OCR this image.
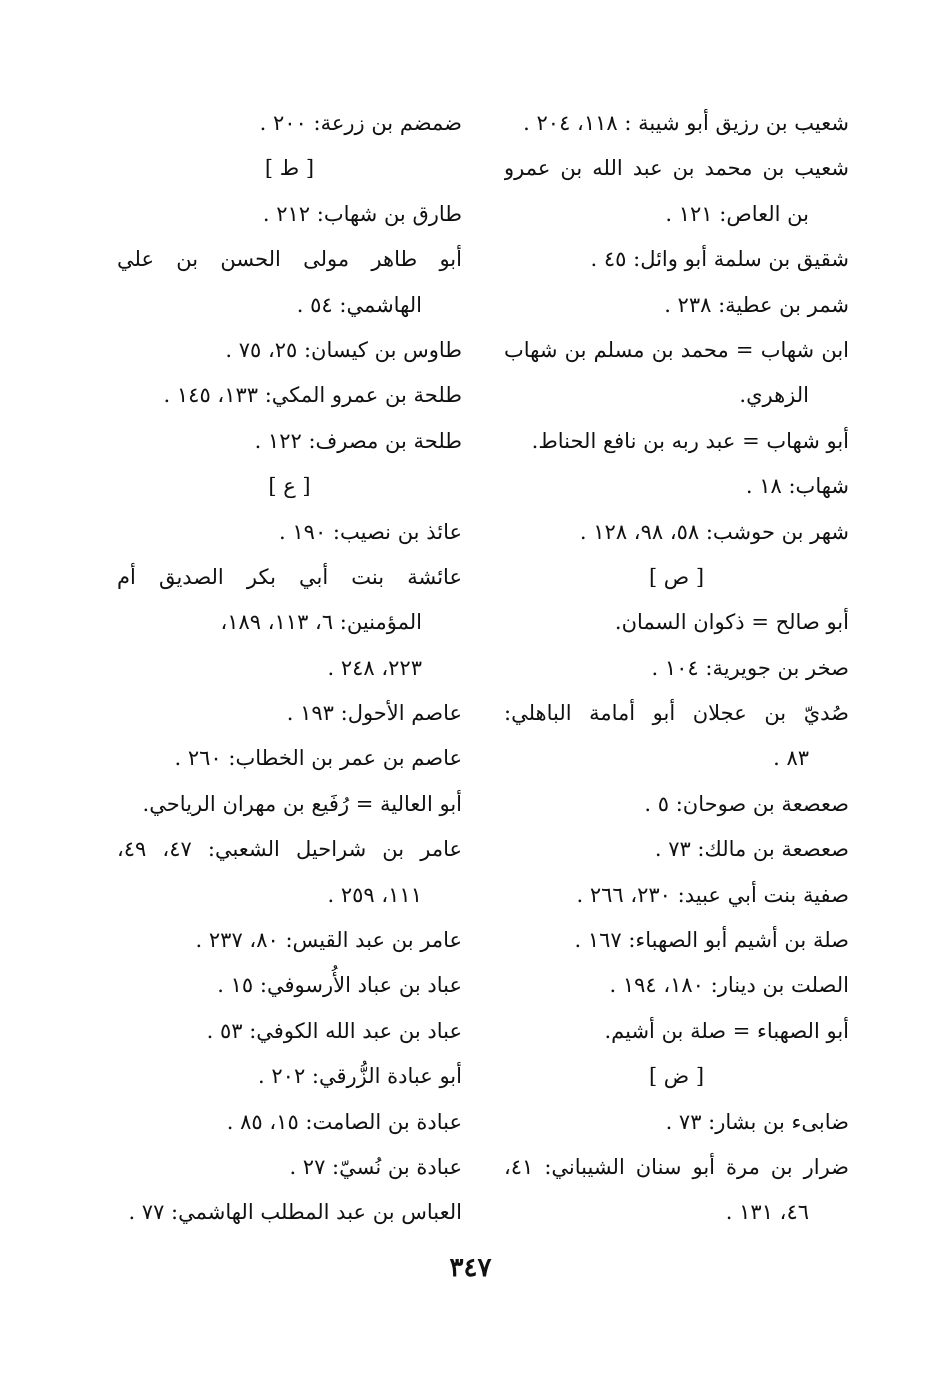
شعيب بن رزيق أبو شيبة : ١١٨، ٢٠٤ .
شعيب بن محمد بن عبد الله بن عمرو
بن العاص: ١٢١ .
شقيق بن سلمة أبو وائل: ٤٥ .
شمر بن عطية: ٢٣٨ .
ابن شهاب = محمد بن مسلم بن شهاب
الزهري.
أبو شهاب = عبد ربه بن نافع الحناط.
شهاب: ١٨ .
شهر بن حوشب: ٥٨، ٩٨، ١٢٨ .
[ ص ]
أبو صالح = ذكوان السمان.
صخر بن جويرية: ١٠٤ .
صُديّ بن عجلان أبو أمامة الباهلي:
٨٣ .
صعصعة بن صوحان: ٥ .
صعصعة بن مالك: ٧٣ .
صفية بنت أبي عبيد: ٢٣٠، ٢٦٦ .
صلة بن أشيم أبو الصهباء: ١٦٧ .
الصلت بن دينار: ١٨٠، ١٩٤ .
أبو الصهباء = صلة بن أشيم.
[ ض ]
ضابىء بن بشار: ٧٣ .
ضرار بن مرة أبو سنان الشيباني: ٤١،
٤٦، ١٣١ .
ضمضم بن زرعة: ٢٠٠ .
[ ط ]
طارق بن شهاب: ٢١٢ .
أبو طاهر مولى الحسن بن علي
الهاشمي: ٥٤ .
طاوس بن كيسان: ٢٥، ٧٥ .
طلحة بن عمرو المكي: ١٣٣، ١٤٥ .
طلحة بن مصرف: ١٢٢ .
[ ع ]
عائذ بن نصيب: ١٩٠ .
عائشة بنت أبي بكر الصديق أم
المؤمنين: ٦، ١١٣، ١٨٩،
٢٢٣، ٢٤٨ .
عاصم الأحول: ١٩٣ .
عاصم بن عمر بن الخطاب: ٢٦٠ .
أبو العالية = رُفَيع بن مهران الرياحي.
عامر بن شراحيل الشعبي: ٤٧، ٤٩،
١١١، ٢٥٩ .
عامر بن عبد القيس: ٨٠، ٢٣٧ .
عباد بن عباد الأُرسوفي: ١٥ .
عباد بن عبد الله الكوفي: ٥٣ .
أبو عبادة الزُّرقي: ٢٠٢ .
عبادة بن الصامت: ١٥، ٨٥ .
عبادة بن نُسيّ: ٢٧ .
العباس بن عبد المطلب الهاشمي: ٧٧ .
٣٤٧
